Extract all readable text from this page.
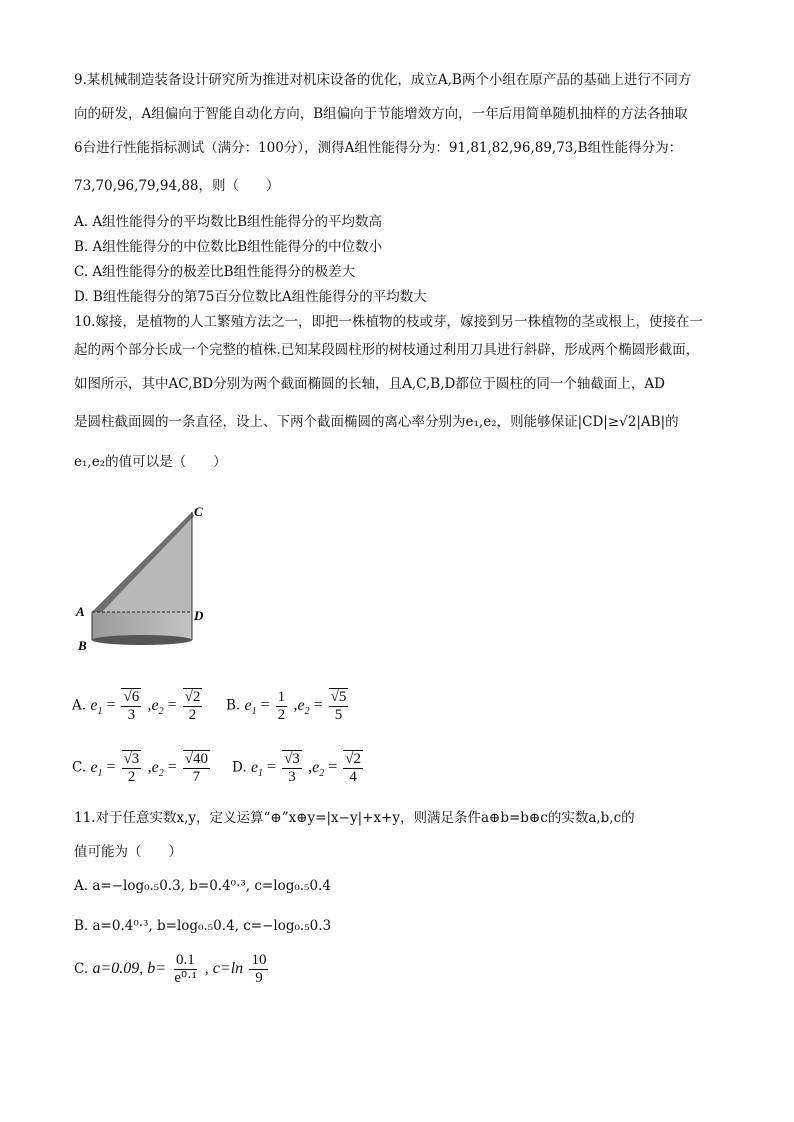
9.某机械制造装备设计研究所为推进对机床设备的优化，成立A,B两个小组在原产品的基础上进行不同方
向的研发，A组偏向于智能自动化方向，B组偏向于节能增效方向，一年后用简单随机抽样的方法各抽取
6台进行性能指标测试（满分：100分），测得A组性能得分为：91,81,82,96,89,73,B组性能得分为：
73,70,96,79,94,88，则（　　）
A. A组性能得分的平均数比B组性能得分的平均数高
B. A组性能得分的中位数比B组性能得分的中位数小
C. A组性能得分的极差比B组性能得分的极差大
D. B组性能得分的第75百分位数比A组性能得分的平均数大
10.嫁接，是植物的人工繁殖方法之一，即把一株植物的枝或芽，嫁接到另一株植物的茎或根上，使接在一
起的两个部分长成一个完整的植株.已知某段圆柱形的树枝通过利用刀具进行斜辟，形成两个椭圆形截面，
如图所示，其中AC,BD分别为两个截面椭圆的长轴，且A,C,B,D都位于圆柱的同一个轴截面上，AD
是圆柱截面圆的一条直径，设上、下两个截面椭圆的离心率分别为e₁,e₂，则能够保证|CD|≥√2|AB|的
e₁,e₂的值可以是（　　）
C
A	D
B
A. $e_1 = \frac{√6}{3} ,e_2 = \frac{√2}{2} B$. $e_1 = \frac{1}{2} ,e_2 = \frac{√5}{5}$
C. $e_1 = \frac{√3}{2} ,e_2 = \frac{√40}{7} D$. $e_1 = \frac{√3}{3} ,e_2 = \frac{√2}{4}$
11.对于任意实数x,y，定义运算“⊕”x⊕y=|x−y|+x+y，则满足条件a⊕b=b⊕c的实数a,b,c的
值可能为（　　）
A. a=−log₀.₅0.3, b=0.4⁰·³, c=log₀.₅0.4
B. a=0.4⁰·³, b=log₀.₅0.4, c=−log₀.₅0.3
C. a=0.09, $b= \frac{0.1}{\text{e⁰·¹}}$ , $c=\ln \frac{10}{9}$
